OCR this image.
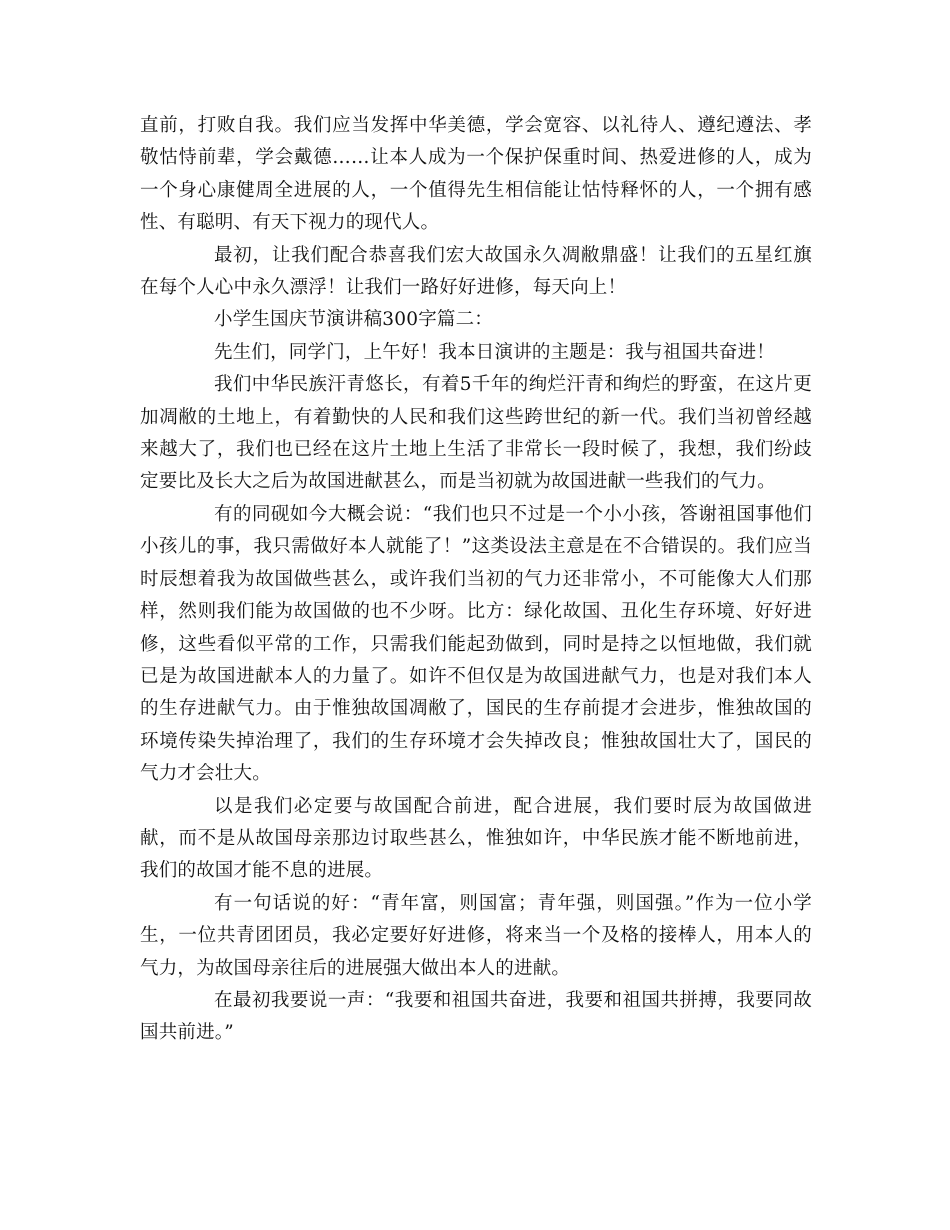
直前，打败自我。我们应当发挥中华美德，学会宽容、以礼待人、遵纪遵法、孝敬怙恃前辈，学会戴德……让本人成为一个保护保重时间、热爱进修的人，成为一个身心康健周全进展的人，一个值得先生相信能让怙恃释怀的人，一个拥有感性、有聪明、有天下视力的现代人。

最初，让我们配合恭喜我们宏大故国永久凋敝鼎盛！让我们的五星红旗在每个人心中永久漂浮！让我们一路好好进修，每天向上！

小学生国庆节演讲稿300字篇二：

先生们，同学门，上午好！我本日演讲的主题是：我与祖国共奋进！

我们中华民族汗青悠长，有着5千年的绚烂汗青和绚烂的野蛮，在这片更加凋敝的土地上，有着勤快的人民和我们这些跨世纪的新一代。我们当初曾经越来越大了，我们也已经在这片土地上生活了非常长一段时候了，我想，我们纷歧定要比及长大之后为故国进献甚么，而是当初就为故国进献一些我们的气力。

有的同砚如今大概会说：“我们也只不过是一个小小孩，答谢祖国事他们小孩儿的事，我只需做好本人就能了！”这类设法主意是在不合错误的。我们应当时辰想着我为故国做些甚么，或许我们当初的气力还非常小，不可能像大人们那样，然则我们能为故国做的也不少呀。比方：绿化故国、丑化生存环境、好好进修，这些看似平常的工作，只需我们能起劲做到，同时是持之以恒地做，我们就已是为故国进献本人的力量了。如许不但仅是为故国进献气力，也是对我们本人的生存进献气力。由于惟独故国凋敝了，国民的生存前提才会进步，惟独故国的环境传染失掉治理了，我们的生存环境才会失掉改良；惟独故国壮大了，国民的气力才会壮大。

以是我们必定要与故国配合前进，配合进展，我们要时辰为故国做进献，而不是从故国母亲那边讨取些甚么，惟独如许，中华民族才能不断地前进，我们的故国才能不息的进展。

有一句话说的好：“青年富，则国富；青年强，则国强。”作为一位小学生，一位共青团团员，我必定要好好进修，将来当一个及格的接棒人，用本人的气力，为故国母亲往后的进展强大做出本人的进献。

在最初我要说一声：“我要和祖国共奋进，我要和祖国共拼搏，我要同故国共前进。”
